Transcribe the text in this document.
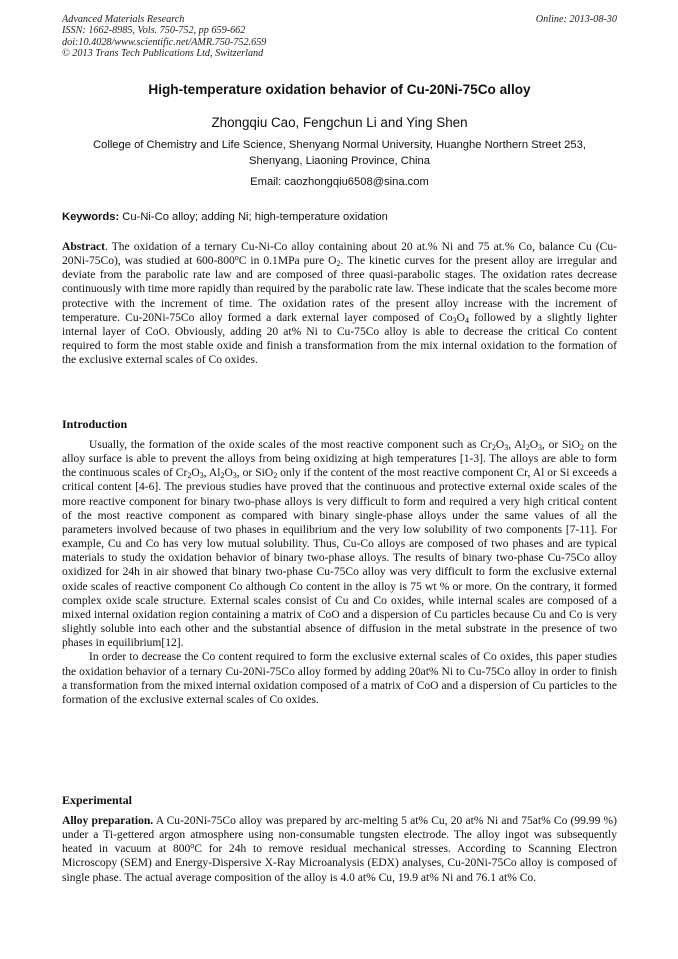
Advanced Materials Research
ISSN: 1662-8985, Vols. 750-752, pp 659-662
doi:10.4028/www.scientific.net/AMR.750-752.659
© 2013 Trans Tech Publications Ltd, Switzerland
Online: 2013-08-30
High-temperature oxidation behavior of Cu-20Ni-75Co alloy
Zhongqiu Cao, Fengchun Li and Ying Shen
College of Chemistry and Life Science, Shenyang Normal University, Huanghe Northern Street 253,
Shenyang, Liaoning Province, China
Email: caozhongqiu6508@sina.com
Keywords: Cu-Ni-Co alloy; adding Ni; high-temperature oxidation

Abstract. The oxidation of a ternary Cu-Ni-Co alloy containing about 20 at.% Ni and 75 at.% Co, balance Cu (Cu-20Ni-75Co), was studied at 600-800$^o$C in 0.1MPa pure $O_2$. The kinetic curves for the present alloy are irregular and deviate from the parabolic rate law and are composed of three quasi-parabolic stages. The oxidation rates decrease continuously with time more rapidly than required by the parabolic rate law. These indicate that the scales become more protective with the increment of time. The oxidation rates of the present alloy increase with the increment of temperature. Cu-20Ni-75Co alloy formed a dark external layer composed of $Co_3O_4$ followed by a slightly lighter internal layer of CoO. Obviously, adding 20 at% Ni to Cu-75Co alloy is able to decrease the critical Co content required to form the most stable oxide and finish a transformation from the mix internal oxidation to the formation of the exclusive external scales of Co oxides.

Introduction

Usually, the formation of the oxide scales of the most reactive component such as $Cr_2O_3$, $Al_2O_3$, or SiO$_2$ on the alloy surface is able to prevent the alloys from being oxidizing at high temperatures [1-3]. The alloys are able to form the continuous scales of $Cr_2O_3$, $Al_2O_3$, or SiO$_2$ only if the content of the most reactive component Cr, Al or Si exceeds a critical content [4-6]. The previous studies have proved that the continuous and protective external oxide scales of the more reactive component for binary two-phase alloys is very difficult to form and required a very high critical content of the most reactive component as compared with binary single-phase alloys under the same values of all the parameters involved because of two phases in equilibrium and the very low solubility of two components [7-11]. For example, Cu and Co has very low mutual solubility. Thus, Cu-Co alloys are composed of two phases and are typical materials to study the oxidation behavior of binary two-phase alloys. The results of binary two-phase Cu-75Co alloy oxidized for 24h in air showed that binary two-phase Cu-75Co alloy was very difficult to form the exclusive external oxide scales of reactive component Co although Co content in the alloy is 75 wt % or more. On the contrary, it formed complex oxide scale structure. External scales consist of Cu and Co oxides, while internal scales are composed of a mixed internal oxidation region containing a matrix of CoO and a dispersion of Cu particles because Cu and Co is very slightly soluble into each other and the substantial absence of diffusion in the metal substrate in the presence of two phases in equilibrium[12].

In order to decrease the Co content required to form the exclusive external scales of Co oxides, this paper studies the oxidation behavior of a ternary Cu-20Ni-75Co alloy formed by adding 20at% Ni to Cu-75Co alloy in order to finish a transformation from the mixed internal oxidation composed of a matrix of CoO and a dispersion of Cu particles to the formation of the exclusive external scales of Co oxides.

Experimental

Alloy preparation. A Cu-20Ni-75Co alloy was prepared by arc-melting 5 at% Cu, 20 at% Ni and 75at% Co (99.99 %) under a Ti-gettered argon atmosphere using non-consumable tungsten electrode. The alloy ingot was subsequently heated in vacuum at 800$^o$C for 24h to remove residual mechanical stresses. According to Scanning Electron Microscopy (SEM) and Energy-Dispersive X-Ray Microanalysis (EDX) analyses, Cu-20Ni-75Co alloy is composed of single phase. The actual average composition of the alloy is 4.0 at% Cu, 19.9 at% Ni and 76.1 at% Co.
